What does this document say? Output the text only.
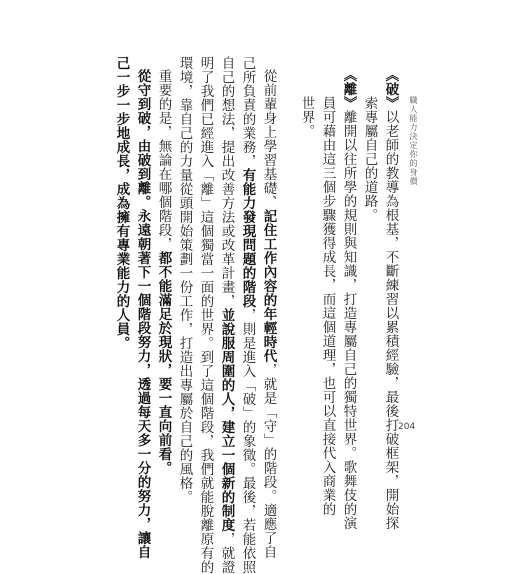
職人能力決定你的身價
《破》以老師的教導為根基，不斷練習以累積經驗，最後打破框架，開始探
索專屬自己的道路。
《離》離開以往所學的規則與知識，打造專屬自己的獨特世界。歌舞伎的演
員可藉由這三個步驟獲得成長，而這個道理，也可以直接代入商業的
世界。
從前輩身上學習基礎、記住工作內容的年輕時代，就是「守」的階段。適應了自
己所負責的業務，有能力發現問題的階段，則是進入「破」的象徵。最後，若能依照
自己的想法，提出改善方法或改革計畫，並說服周圍的人，建立一個新的制度，就證
明了我們已經進入「離」這個獨當一面的世界。到了這個階段，我們就能脫離原有的
環境，靠自己的力量從頭開始策劃一份工作，打造出專屬於自己的風格。
重要的是，無論在哪個階段，都不能滿足於現狀，要一直向前看。
從守到破，由破到離。永遠朝著下一個階段努力，透過每天多一分的努力，讓自
己一步一步地成長，成為擁有專業能力的人員。
204
